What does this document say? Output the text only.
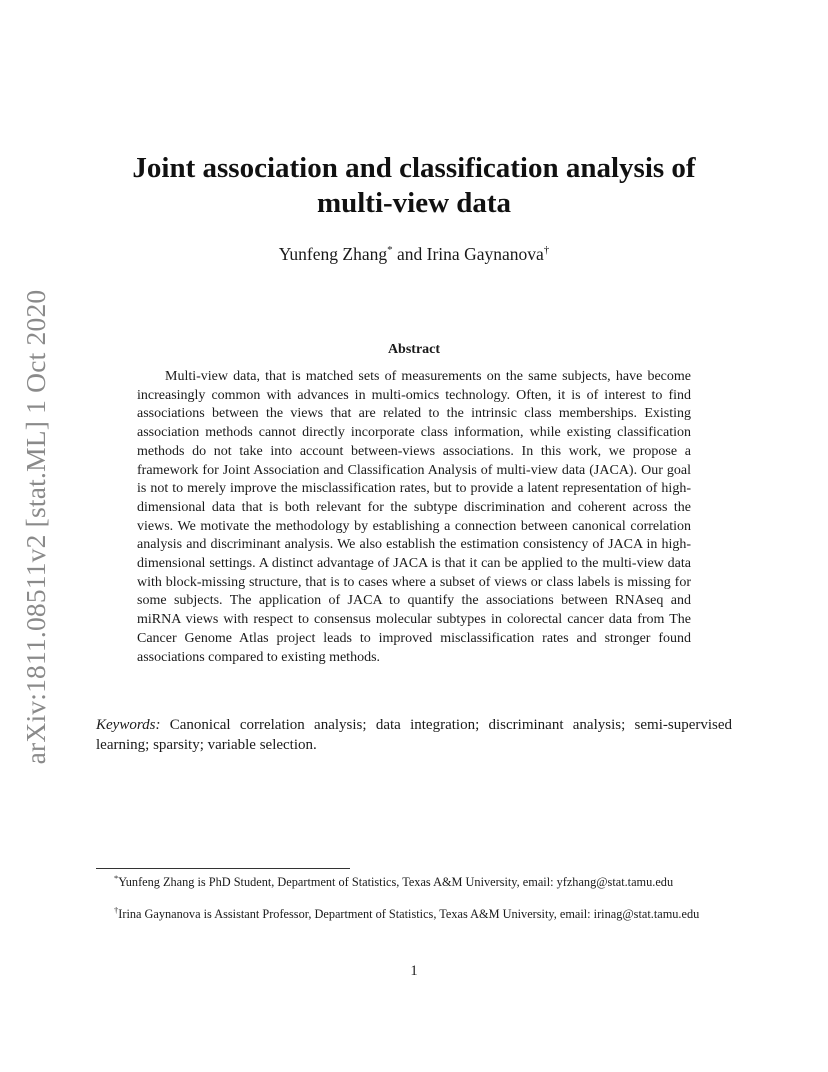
arXiv:1811.08511v2 [stat.ML] 1 Oct 2020
Joint association and classification analysis of
multi-view data
Yunfeng Zhang* and Irina Gaynanova†
Abstract

Multi-view data, that is matched sets of measurements on the same subjects, have become increasingly common with advances in multi-omics technology. Often, it is of interest to find associations between the views that are related to the intrinsic class memberships. Existing association methods cannot directly incorporate class information, while existing classification methods do not take into account between-views associations. In this work, we propose a framework for Joint Association and Classification Analysis of multi-view data (JACA). Our goal is not to merely improve the misclassification rates, but to provide a latent representation of high-dimensional data that is both relevant for the subtype discrimination and coherent across the views. We motivate the methodology by establishing a connection between canonical correlation analysis and discriminant analysis. We also establish the estimation consistency of JACA in high-dimensional settings. A distinct advantage of JACA is that it can be applied to the multi-view data with block-missing structure, that is to cases where a subset of views or class labels is missing for some subjects. The application of JACA to quantify the associations between RNAseq and miRNA views with respect to consensus molecular subtypes in colorectal cancer data from The Cancer Genome Atlas project leads to improved misclassification rates and stronger found associations compared to existing methods.

Keywords: Canonical correlation analysis; data integration; discriminant analysis; semi-supervised learning; sparsity; variable selection.

*Yunfeng Zhang is PhD Student, Department of Statistics, Texas A&M University, email: yfzhang@stat.tamu.edu

†Irina Gaynanova is Assistant Professor, Department of Statistics, Texas A&M University, email: irinag@stat.tamu.edu

1
